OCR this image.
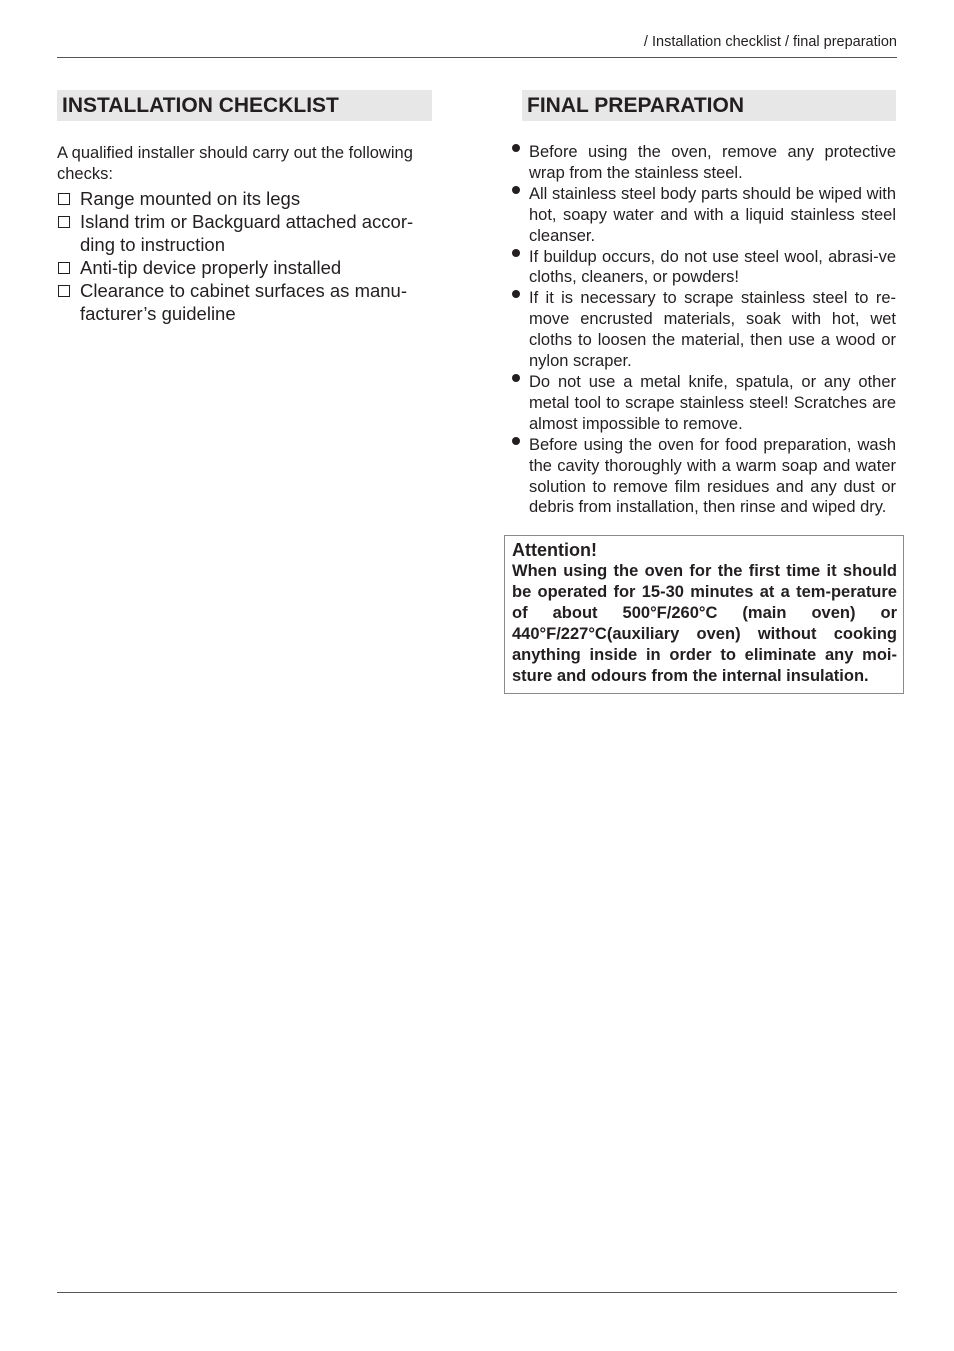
/ Installation checklist / final preparation
INSTALLATION CHECKLIST
A qualified installer should carry out the following checks:
Range mounted on its legs
Island trim or Backguard attached accor-ding to instruction
Anti-tip device properly installed
Clearance to cabinet surfaces as manu-facturer’s guideline
FINAL PREPARATION
Before using the oven, remove any protective wrap from the stainless steel.
All stainless steel body parts should be wiped with hot, soapy water and with a liquid stainless steel cleanser.
If buildup occurs, do not use steel wool, abrasi-ve cloths, cleaners, or powders!
If it is necessary to scrape stainless steel to re-move encrusted materials, soak with hot, wet cloths to loosen the material, then use a wood or nylon scraper.
Do not use a metal knife, spatula, or any other metal tool to scrape stainless steel! Scratches are almost impossible to remove.
Before using the oven for food preparation, wash the cavity thoroughly with a warm soap and water solution to remove film residues and any dust or debris from installation, then rinse and wiped dry.
Attention!
When using the oven for the first time it should be operated for 15-30 minutes at a tem-perature of about 500°F/260°C (main oven) or 440°F/227°C(auxiliary oven) without cooking anything inside in order to eliminate any moi-sture and odours from the internal insulation.
